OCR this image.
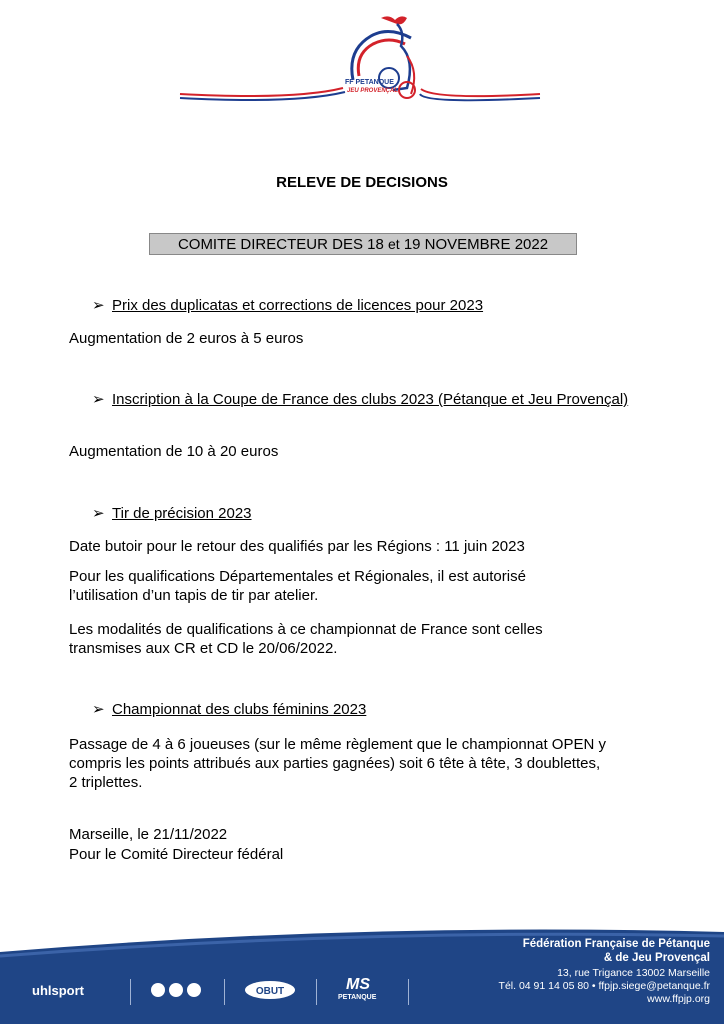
FF PETANQUE
JEU PROVENÇAL
RELEVE DE DECISIONS
COMITE DIRECTEUR DES 18 et 19 NOVEMBRE 2022
➢ Prix des duplicatas et corrections de licences pour 2023
Augmentation de 2 euros à 5 euros
➢ Inscription à la Coupe de France des clubs 2023 (Pétanque et Jeu Provençal)
Augmentation de 10 à 20 euros
➢ Tir de précision 2023
Date butoir pour le retour des qualifiés par les Régions : 11 juin 2023
Pour les qualifications Départementales et Régionales, il est autorisé l’utilisation d’un tapis de tir par atelier.
Les modalités de qualifications à ce championnat de France sont celles transmises aux CR et CD le 20/06/2022.
➢ Championnat des clubs féminins 2023
Passage de 4 à 6 joueuses (sur le même règlement que le championnat OPEN y compris les points attribués aux parties gagnées) soit 6 tête à tête, 3 doublettes, 2 triplettes.
Marseille, le 21/11/2022
Pour le Comité Directeur fédéral
uhlsport	OBUT	MS
PETANQUE
Fédération Française de Pétanque
& de Jeu Provençal
13, rue Trigance 13002 Marseille
Tél. 04 91 14 05 80 • ffpjp.siege@petanque.fr
www.ffpjp.org
